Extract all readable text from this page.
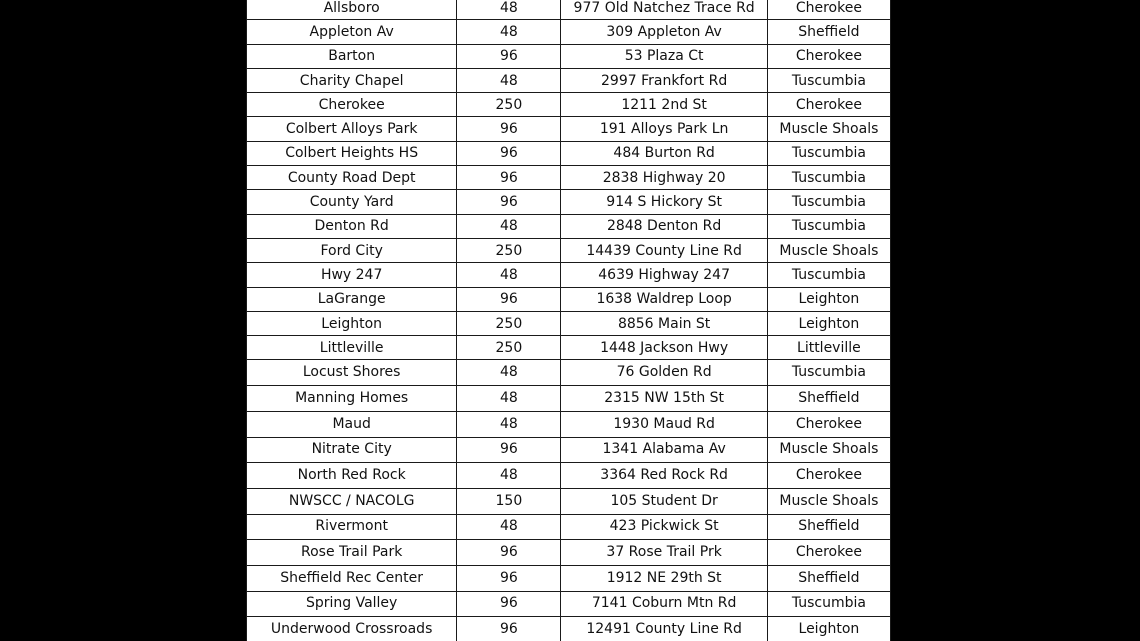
Allsboro	48	977 Old Natchez Trace Rd	Cherokee
Appleton Av	48	309 Appleton Av	Sheffield
Barton	96	53 Plaza Ct	Cherokee
Charity Chapel	48	2997 Frankfort Rd	Tuscumbia
Cherokee	250	1211 2nd St	Cherokee
Colbert Alloys Park	96	191 Alloys Park Ln	Muscle Shoals
Colbert Heights HS	96	484 Burton Rd	Tuscumbia
County Road Dept	96	2838 Highway 20	Tuscumbia
County Yard	96	914 S Hickory St	Tuscumbia
Denton Rd	48	2848 Denton Rd	Tuscumbia
Ford City	250	14439 County Line Rd	Muscle Shoals
Hwy 247	48	4639 Highway 247	Tuscumbia
LaGrange	96	1638 Waldrep Loop	Leighton
Leighton	250	8856 Main St	Leighton
Littleville	250	1448 Jackson Hwy	Littleville
Locust Shores	48	76 Golden Rd	Tuscumbia
Manning Homes	48	2315 NW 15th St	Sheffield
Maud	48	1930 Maud Rd	Cherokee
Nitrate City	96	1341 Alabama Av	Muscle Shoals
North Red Rock	48	3364 Red Rock Rd	Cherokee
NWSCC / NACOLG	150	105 Student Dr	Muscle Shoals
Rivermont	48	423 Pickwick St	Sheffield
Rose Trail Park	96	37 Rose Trail Prk	Cherokee
Sheffield Rec Center	96	1912 NE 29th St	Sheffield
Spring Valley	96	7141 Coburn Mtn Rd	Tuscumbia
Underwood Crossroads	96	12491 County Line Rd	Leighton
